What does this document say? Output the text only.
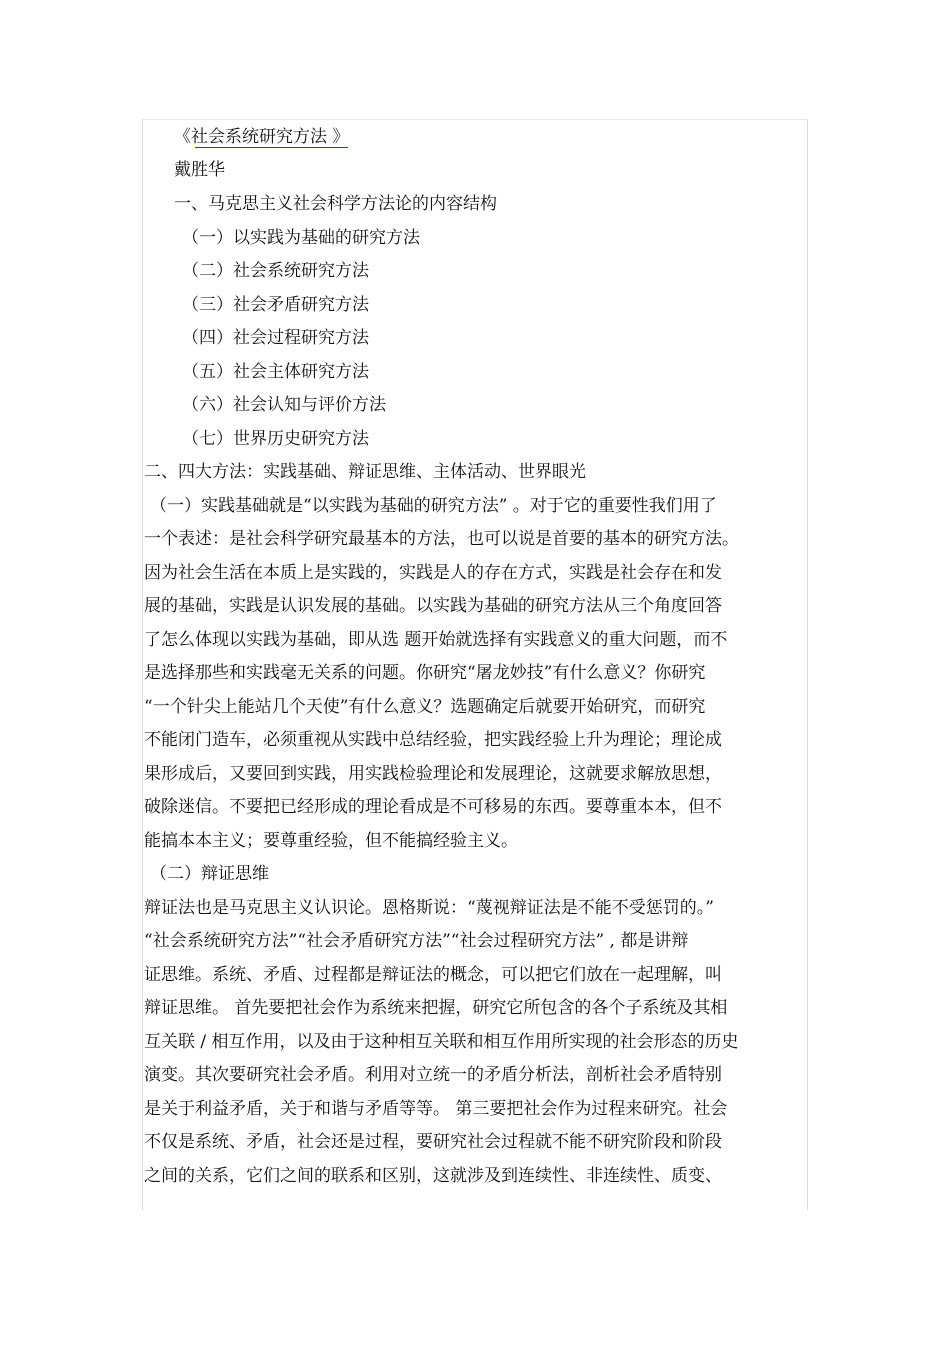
《社会系统研究方法 》
戴胜华
一、马克思主义社会科学方法论的内容结构
（一）以实践为基础的研究方法
（二）社会系统研究方法
（三）社会矛盾研究方法
（四）社会过程研究方法
（五）社会主体研究方法
（六）社会认知与评价方法
（七）世界历史研究方法
二、四大方法：实践基础、辩证思维、主体活动、世界眼光
（一）实践基础就是“以实践为基础的研究方法” 。对于它的重要性我们用了
一个表述：是社会科学研究最基本的方法，也可以说是首要的基本的研究方法。
因为社会生活在本质上是实践的，实践是人的存在方式，实践是社会存在和发
展的基础，实践是认识发展的基础。以实践为基础的研究方法从三个角度回答
了怎么体现以实践为基础，即从选 题开始就选择有实践意义的重大问题，而不
是选择那些和实践毫无关系的问题。你研究“屠龙妙技”有什么意义？你研究
“一个针尖上能站几个天使”有什么意义？选题确定后就要开始研究，而研究
不能闭门造车，必须重视从实践中总结经验，把实践经验上升为理论；理论成
果形成后，又要回到实践，用实践检验理论和发展理论，这就要求解放思想，
破除迷信。不要把已经形成的理论看成是不可移易的东西。要尊重本本，但不
能搞本本主义；要尊重经验，但不能搞经验主义。
（二）辩证思维
辩证法也是马克思主义认识论。恩格斯说：“蔑视辩证法是不能不受惩罚的。”
“社会系统研究方法”“社会矛盾研究方法”“社会过程研究方法” , 都是讲辩
证思维。系统、矛盾、过程都是辩证法的概念，可以把它们放在一起理解，叫
辩证思维。 首先要把社会作为系统来把握，研究它所包含的各个子系统及其相
互关联 / 相互作用，以及由于这种相互关联和相互作用所实现的社会形态的历史
演变。其次要研究社会矛盾。利用对立统一的矛盾分析法，剖析社会矛盾特别
是关于利益矛盾，关于和谐与矛盾等等。 第三要把社会作为过程来研究。社会
不仅是系统、矛盾，社会还是过程，要研究社会过程就不能不研究阶段和阶段
之间的关系，它们之间的联系和区别，这就涉及到连续性、非连续性、质变、
